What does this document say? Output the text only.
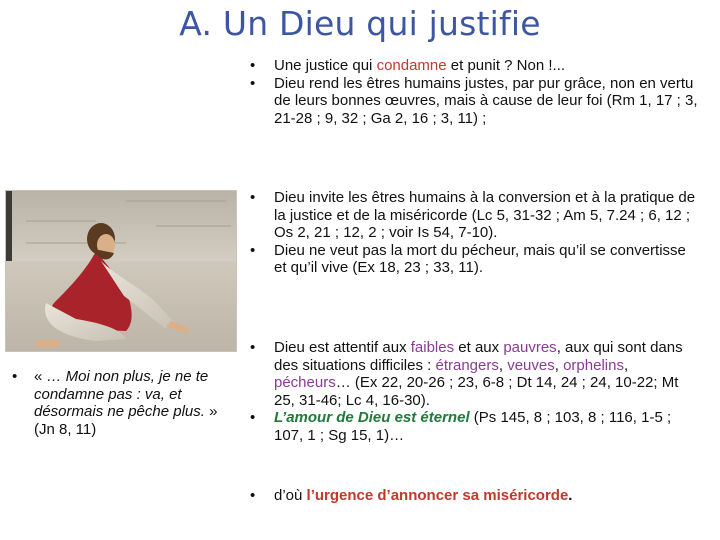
A. Un Dieu qui justifie
•	Une justice qui condamne et punit ? Non !...
•	Dieu rend les êtres humains justes, par pur grâce, non en vertu de leurs bonnes œuvres, mais à cause de leur foi (Rm 1, 17 ; 3, 21-28 ; 9, 32 ; Ga 2, 16 ; 3, 11) ;
•	« … Moi non plus, je ne te condamne pas : va, et désormais ne pêche plus. » (Jn 8, 11)
•	Dieu invite les êtres humains à la conversion et à la pratique de la justice et de la miséricorde (Lc 5, 31-32 ; Am 5, 7.24 ; 6, 12 ; Os 2, 21 ; 12, 2 ; voir Is 54, 7-10).
•	Dieu ne veut pas la mort du pécheur, mais qu’il se convertisse et qu’il vive (Ex 18, 23 ; 33, 11).
•	Dieu est attentif aux faibles et aux pauvres, aux qui sont dans des situations difficiles : étrangers, veuves, orphelins, pécheurs… (Ex 22, 20-26 ; 23, 6-8 ; Dt 14, 24 ; 24, 10-22; Mt 25, 31-46; Lc 4, 16-30).
•	L’amour de Dieu est éternel (Ps 145, 8 ; 103, 8 ; 116, 1-5 ; 107, 1 ; Sg 15, 1)…
•	d’où l’urgence d’annoncer sa miséricorde.
